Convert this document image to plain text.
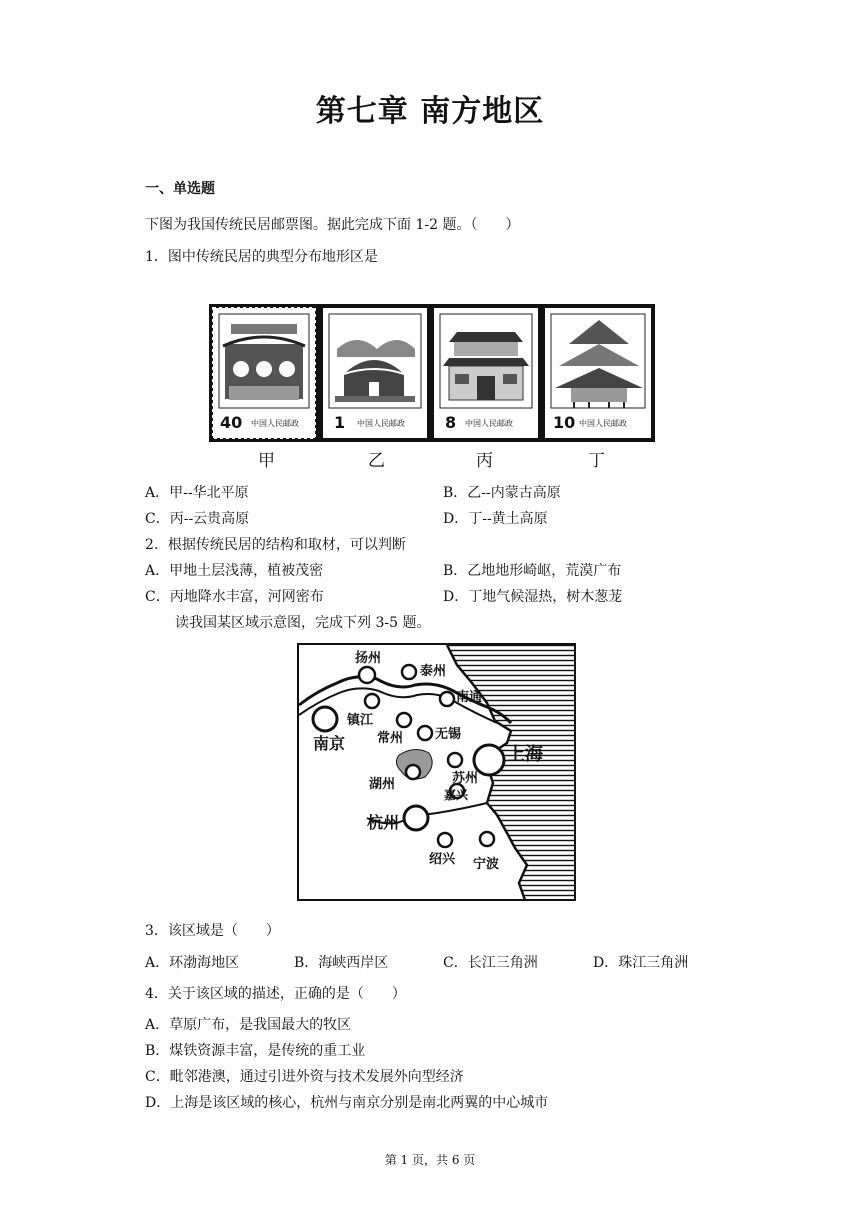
第七章 南方地区
一、单选题
下图为我国传统民居邮票图。据此完成下面 1-2 题。（　　）
1．图中传统民居的典型分布地形区是
40 中国人民邮政 1 中国人民邮政	8 中国人民邮政	10 中国人民邮政
甲	乙	丙	丁
A．甲--华北平原	B．乙--内蒙古高原
C．丙--云贵高原	D．丁--黄土高原
2．根据传统民居的结构和取材，可以判断
A．甲地土层浅薄，植被茂密	B．乙地地形崎岖，荒漠广布
C．丙地降水丰富，河网密布	D．丁地气候湿热，树木葱茏
读我国某区域示意图，完成下列 3-5 题。
扬州
泰州
南通
镇江
南京 常州 无锡
上海
苏州
湖州
嘉兴
杭州
绍兴 宁波
3．该区域是（　　）
A．环渤海地区	B．海峡西岸区	C．长江三角洲	D．珠江三角洲
4．关于该区域的描述，正确的是（　　）
A．草原广布，是我国最大的牧区
B．煤铁资源丰富，是传统的重工业
C．毗邻港澳，通过引进外资与技术发展外向型经济
D．上海是该区域的核心，杭州与南京分别是南北两翼的中心城市
第 1 页，共 6 页
